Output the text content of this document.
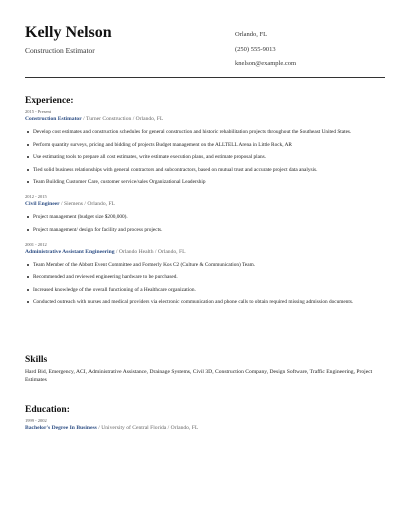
Kelly Nelson
Construction Estimator
Orlando, FL
(250) 555-9013
knelson@example.com
Experience:
2015 - Present
Construction Estimator / Turner Construction / Orlando, FL
Develop cost estimates and construction schedules for general construction and historic rehabilitation projects throughout the Southeast United States.
Perform quantity surveys, pricing and bidding of projects Budget management on the ALLTELL Arena in Little Rock, AR
Use estimating tools to prepare all cost estimates, write estimate execution plans, and estimate proposal plans.
Tied solid business relationships with general contractors and subcontractors, based on mutual trust and accurate project data analysis.
Team Building Customer Care, customer service/sales Organizational Leadership
2012 - 2015
Civil Engineer / Siemens / Orlando, FL
Project management (budget size $200,000).
Project management/ design for facility and process projects.
2001 - 2012
Administrative Assistant Engineering / Orlando Health / Orlando, FL
Team Member of the Abbott Event Committee and Formerly Kos C2 (Culture & Communication) Team.
Recommended and reviewed engineering hardware to be purchased.
Increased knowledge of the overall functioning of a Healthcare organization.
Conducted outreach with nurses and medical providers via electronic communication and phone calls to obtain required missing admission documents.
Skills
Hard Bid, Emergency, ACI, Administrative Assistance, Drainage Systems, Civil 3D, Construction Company, Design Software, Traffic Engineering, Project Estimates
Education:
1999 - 2002
Bachelor's Degree In Business / University of Central Florida / Orlando, FL
